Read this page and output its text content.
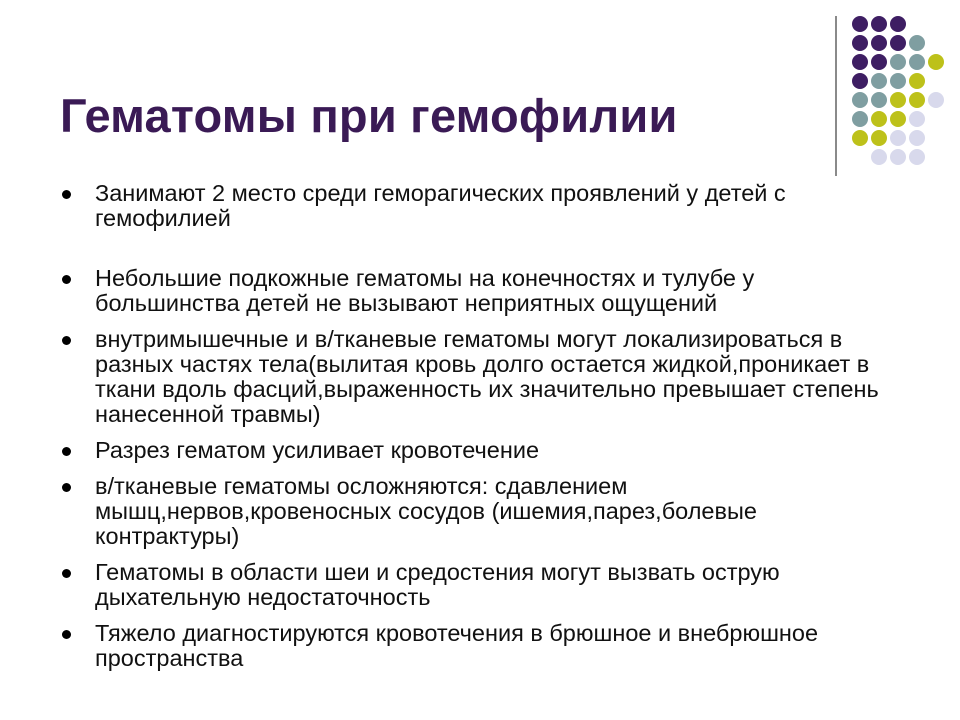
Гематомы при гемофилии
Занимают 2 место среди геморагических проявлений у детей с гемофилией
Небольшие подкожные гематомы на конечностях и тулубе у большинства детей не вызывают неприятных ощущений
внутримышечные и в/тканевые гематомы могут локализироваться в разных частях тела(вылитая кровь долго остается жидкой,проникает в ткани вдоль фасций,выраженность их значительно превышает степень нанесенной травмы)
Разрез гематом усиливает кровотечение
в/тканевые гематомы осложняются: сдавлением мышц,нервов,кровеносных сосудов (ишемия,парез,болевые контрактуры)
Гематомы в области шеи и средостения могут вызвать острую дыхательную недостаточность
Тяжело диагностируются кровотечения в брюшное и внебрюшное пространства
